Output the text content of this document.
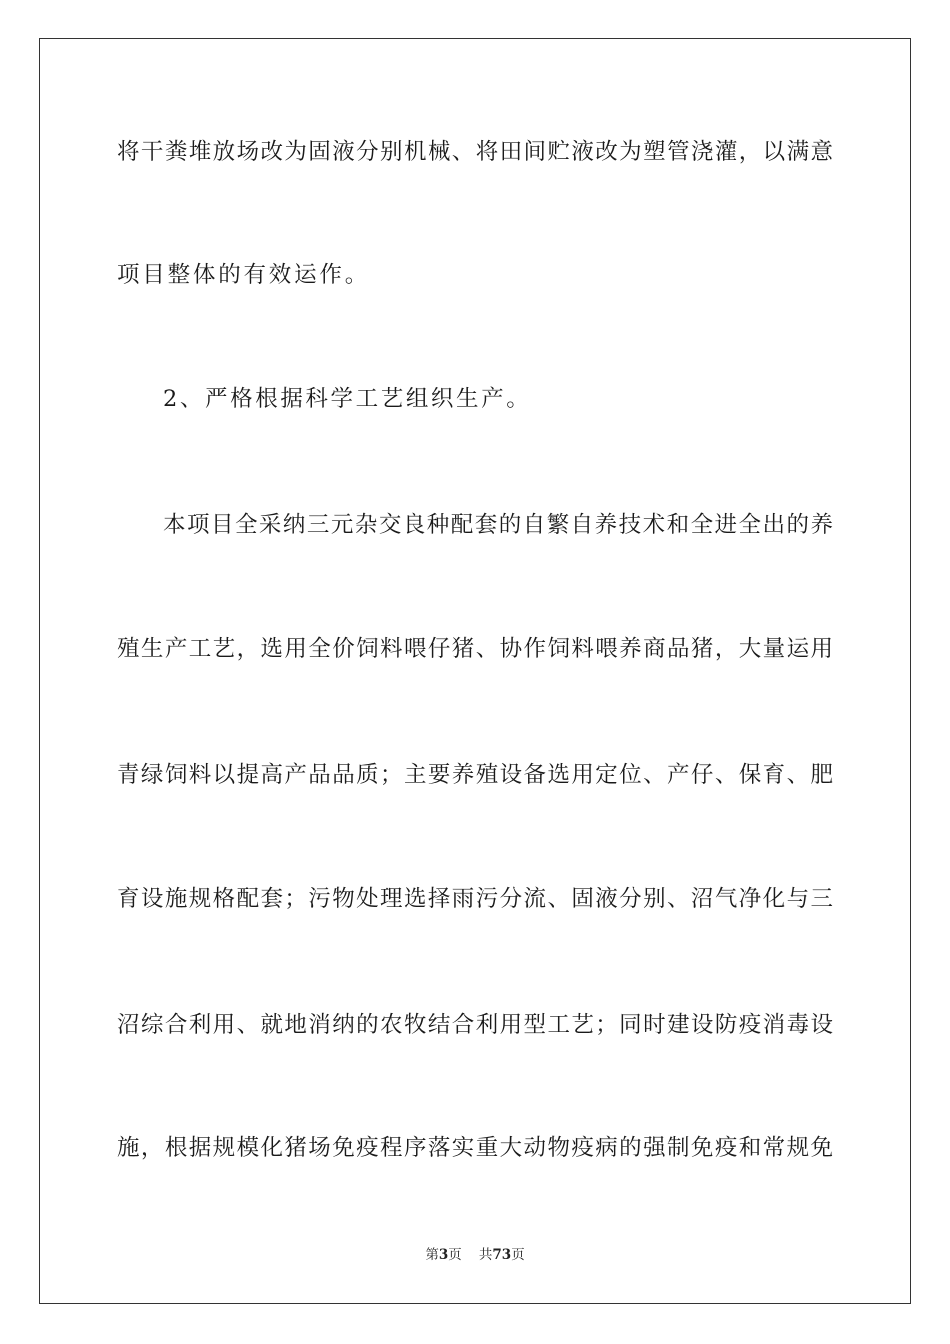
将干粪堆放场改为固液分别机械、将田间贮液改为塑管浇灌，以满意
项目整体的有效运作。
2、严格根据科学工艺组织生产。
本项目全采纳三元杂交良种配套的自繁自养技术和全进全出的养
殖生产工艺，选用全价饲料喂仔猪、协作饲料喂养商品猪，大量运用
青绿饲料以提高产品品质；主要养殖设备选用定位、产仔、保育、肥
育设施规格配套；污物处理选择雨污分流、固液分别、沼气净化与三
沼综合利用、就地消纳的农牧结合利用型工艺；同时建设防疫消毒设
施，根据规模化猪场免疫程序落实重大动物疫病的强制免疫和常规免
第3页 共73页
